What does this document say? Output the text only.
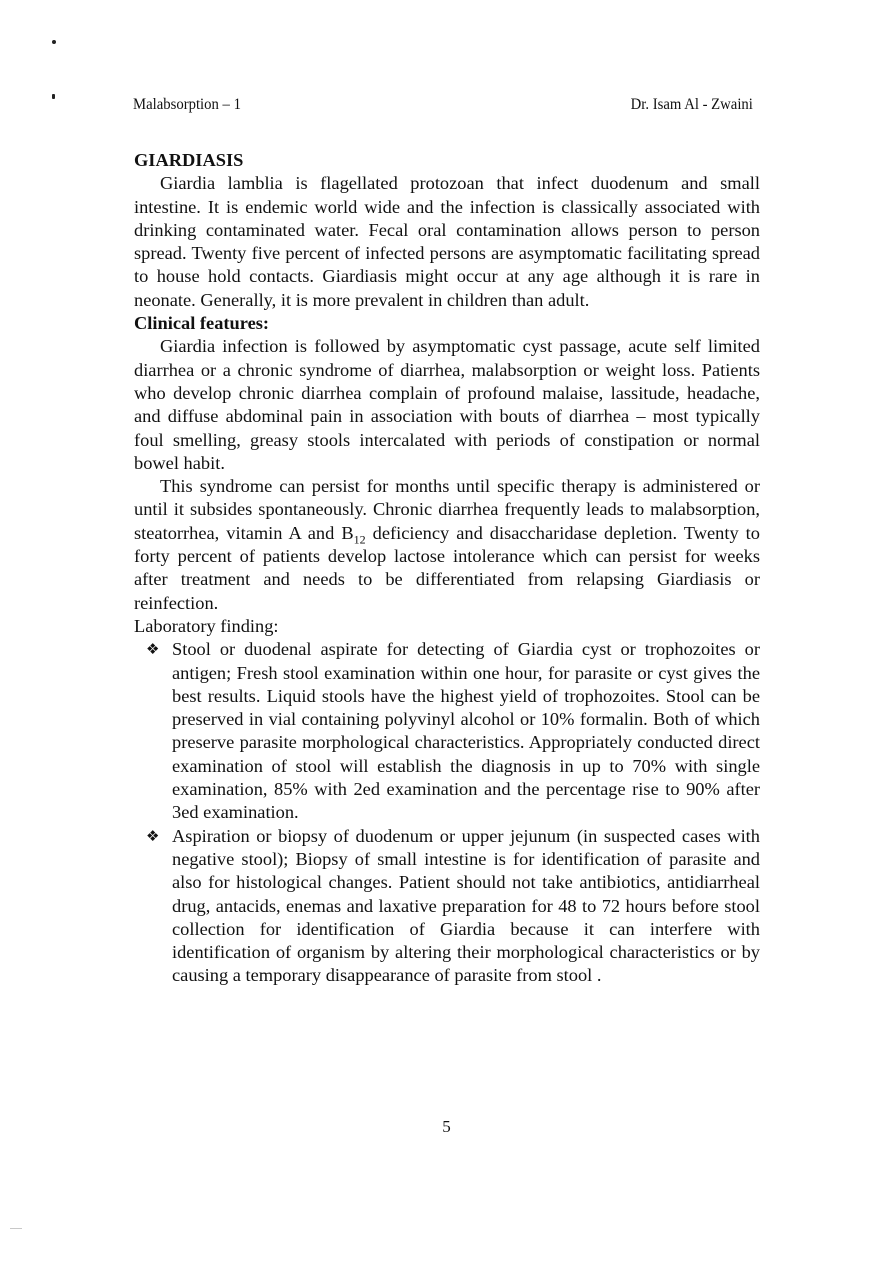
Malabsorption – 1	Dr. Isam Al - Zwaini
GIARDIASIS

Giardia lamblia is flagellated protozoan that infect duodenum and small intestine. It is endemic world wide and the infection is classically associated with drinking contaminated water. Fecal oral contamination allows person to person spread. Twenty five percent of infected persons are asymptomatic facilitating spread to house hold contacts. Giardiasis might occur at any age although it is rare in neonate. Generally, it is more prevalent in children than adult.

Clinical features:

Giardia infection is followed by asymptomatic cyst passage, acute self limited diarrhea or a chronic syndrome of diarrhea, malabsorption or weight loss. Patients who develop chronic diarrhea complain of profound malaise, lassitude, headache, and diffuse abdominal pain in association with bouts of diarrhea – most typically foul smelling, greasy stools intercalated with periods of constipation or normal bowel habit.

This syndrome can persist for months until specific therapy is administered or until it subsides spontaneously. Chronic diarrhea frequently leads to malabsorption, steatorrhea, vitamin A and $B_{12}$ deficiency and disaccharidase depletion. Twenty to forty percent of patients develop lactose intolerance which can persist for weeks after treatment and needs to be differentiated from relapsing Giardiasis or reinfection.

Laboratory finding:

❖ Stool or duodenal aspirate for detecting of Giardia cyst or trophozoites or antigen; Fresh stool examination within one hour, for parasite or cyst gives the best results. Liquid stools have the highest yield of trophozoites. Stool can be preserved in vial containing polyvinyl alcohol or 10% formalin. Both of which preserve parasite morphological characteristics. Appropriately conducted direct examination of stool will establish the diagnosis in up to 70% with single examination, 85% with 2ed examination and the percentage rise to 90% after 3ed examination.
❖ Aspiration or biopsy of duodenum or upper jejunum (in suspected cases with negative stool); Biopsy of small intestine is for identification of parasite and also for histological changes. Patient should not take antibiotics, antidiarrheal drug, antacids, enemas and laxative preparation for 48 to 72 hours before stool collection for identification of Giardia because it can interfere with identification of organism by altering their morphological characteristics or by causing a temporary disappearance of parasite from stool .
5
